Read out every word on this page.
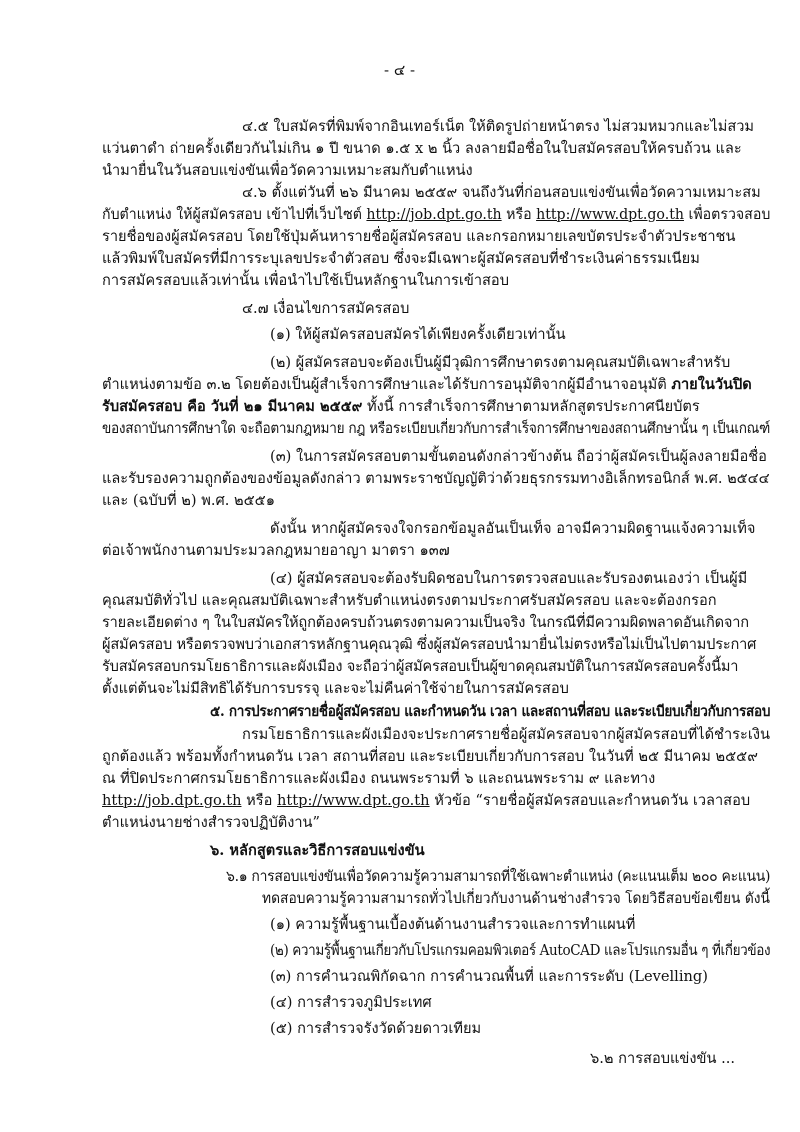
- ๔ -
๔.๕ ใบสมัครที่พิมพ์จากอินเทอร์เน็ต ให้ติดรูปถ่ายหน้าตรง ไม่สวมหมวกและไม่สวม
แว่นตาดำ ถ่ายครั้งเดียวกันไม่เกิน ๑ ปี ขนาด ๑.๕ x ๒ นิ้ว ลงลายมือชื่อในใบสมัครสอบให้ครบถ้วน และ
นำมายื่นในวันสอบแข่งขันเพื่อวัดความเหมาะสมกับตำแหน่ง
๔.๖ ตั้งแต่วันที่ ๒๖ มีนาคม ๒๕๕๙ จนถึงวันที่ก่อนสอบแข่งขันเพื่อวัดความเหมาะสม
กับตำแหน่ง ให้ผู้สมัครสอบ เข้าไปที่เว็บไซต์ http://job.dpt.go.th หรือ http://www.dpt.go.th เพื่อตรวจสอบ
รายชื่อของผู้สมัครสอบ โดยใช้ปุ่มค้นหารายชื่อผู้สมัครสอบ และกรอกหมายเลขบัตรประจำตัวประชาชน
แล้วพิมพ์ใบสมัครที่มีการระบุเลขประจำตัวสอบ ซึ่งจะมีเฉพาะผู้สมัครสอบที่ชำระเงินค่าธรรมเนียม
การสมัครสอบแล้วเท่านั้น เพื่อนำไปใช้เป็นหลักฐานในการเข้าสอบ
๔.๗ เงื่อนไขการสมัครสอบ
(๑) ให้ผู้สมัครสอบสมัครได้เพียงครั้งเดียวเท่านั้น
(๒) ผู้สมัครสอบจะต้องเป็นผู้มีวุฒิการศึกษาตรงตามคุณสมบัติเฉพาะสำหรับ
ตำแหน่งตามข้อ ๓.๒ โดยต้องเป็นผู้สำเร็จการศึกษาและได้รับการอนุมัติจากผู้มีอำนาจอนุมัติ ภายในวันปิด
รับสมัครสอบ คือ วันที่ ๒๑ มีนาคม ๒๕๕๙ ทั้งนี้ การสำเร็จการศึกษาตามหลักสูตรประกาศนียบัตร
ของสถาบันการศึกษาใด จะถือตามกฎหมาย กฎ หรือระเบียบเกี่ยวกับการสำเร็จการศึกษาของสถานศึกษานั้น ๆ เป็นเกณฑ์
(๓) ในการสมัครสอบตามขั้นตอนดังกล่าวข้างต้น ถือว่าผู้สมัครเป็นผู้ลงลายมือชื่อ
และรับรองความถูกต้องของข้อมูลดังกล่าว ตามพระราชบัญญัติว่าด้วยธุรกรรมทางอิเล็กทรอนิกส์ พ.ศ. ๒๕๔๔
และ (ฉบับที่ ๒) พ.ศ. ๒๕๕๑
ดังนั้น หากผู้สมัครจงใจกรอกข้อมูลอันเป็นเท็จ อาจมีความผิดฐานแจ้งความเท็จ
ต่อเจ้าพนักงานตามประมวลกฎหมายอาญา มาตรา ๑๓๗
(๔) ผู้สมัครสอบจะต้องรับผิดชอบในการตรวจสอบและรับรองตนเองว่า เป็นผู้มี
คุณสมบัติทั่วไป และคุณสมบัติเฉพาะสำหรับตำแหน่งตรงตามประกาศรับสมัครสอบ และจะต้องกรอก
รายละเอียดต่าง ๆ ในใบสมัครให้ถูกต้องครบถ้วนตรงตามความเป็นจริง ในกรณีที่มีความผิดพลาดอันเกิดจาก
ผู้สมัครสอบ หรือตรวจพบว่าเอกสารหลักฐานคุณวุฒิ ซึ่งผู้สมัครสอบนำมายื่นไม่ตรงหรือไม่เป็นไปตามประกาศ
รับสมัครสอบกรมโยธาธิการและผังเมือง จะถือว่าผู้สมัครสอบเป็นผู้ขาดคุณสมบัติในการสมัครสอบครั้งนี้มา
ตั้งแต่ต้นจะไม่มีสิทธิได้รับการบรรจุ และจะไม่คืนค่าใช้จ่ายในการสมัครสอบ
๕. การประกาศรายชื่อผู้สมัครสอบ และกำหนดวัน เวลา และสถานที่สอบ และระเบียบเกี่ยวกับการสอบ
กรมโยธาธิการและผังเมืองจะประกาศรายชื่อผู้สมัครสอบจากผู้สมัครสอบที่ได้ชำระเงิน
ถูกต้องแล้ว พร้อมทั้งกำหนดวัน เวลา สถานที่สอบ และระเบียบเกี่ยวกับการสอบ ในวันที่ ๒๕ มีนาคม ๒๕๕๙
ณ ที่ปิดประกาศกรมโยธาธิการและผังเมือง ถนนพระรามที่ ๖ และถนนพระราม ๙ และทาง
http://job.dpt.go.th หรือ http://www.dpt.go.th หัวข้อ “รายชื่อผู้สมัครสอบและกำหนดวัน เวลาสอบ
ตำแหน่งนายช่างสำรวจปฏิบัติงาน”
๖. หลักสูตรและวิธีการสอบแข่งขัน
๖.๑ การสอบแข่งขันเพื่อวัดความรู้ความสามารถที่ใช้เฉพาะตำแหน่ง (คะแนนเต็ม ๒๐๐ คะแนน)
ทดสอบความรู้ความสามารถทั่วไปเกี่ยวกับงานด้านช่างสำรวจ โดยวิธีสอบข้อเขียน ดังนี้
(๑) ความรู้พื้นฐานเบื้องต้นด้านงานสำรวจและการทำแผนที่
(๒) ความรู้พื้นฐานเกี่ยวกับโปรแกรมคอมพิวเตอร์ AutoCAD และโปรแกรมอื่น ๆ ที่เกี่ยวข้อง
(๓) การคำนวณพิกัดฉาก การคำนวณพื้นที่ และการระดับ (Levelling)
(๔) การสำรวจภูมิประเทศ
(๕) การสำรวจรังวัดด้วยดาวเทียม
๖.๒ การสอบแข่งขัน ...
